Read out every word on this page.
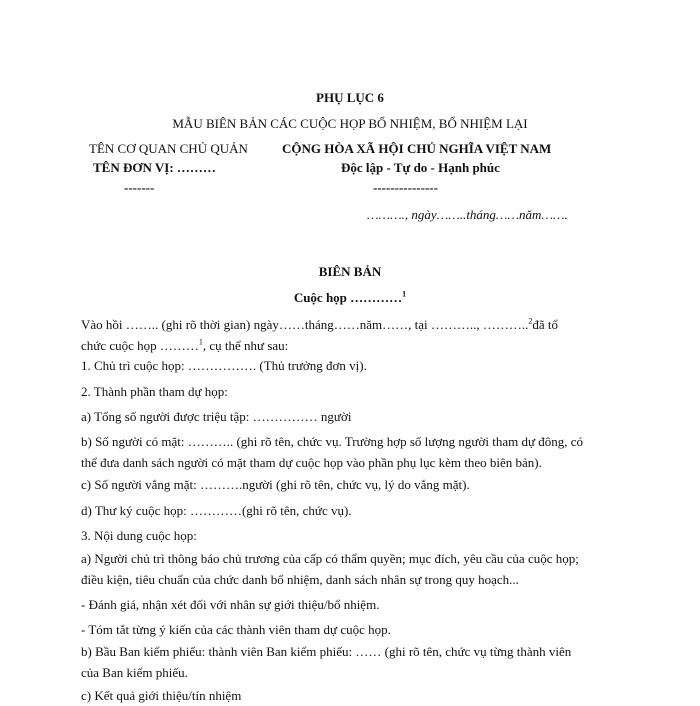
PHỤ LỤC 6
MẪU BIÊN BẢN CÁC CUỘC HỌP BỔ NHIỆM, BỔ NHIỆM LẠI
TÊN CƠ QUAN CHỦ QUẢN
TÊN ĐƠN VỊ: ………
-------
CỘNG HÒA XÃ HỘI CHỦ NGHĨA VIỆT NAM
Độc lập - Tự do - Hạnh phúc
---------------
………., ngày……..tháng……năm…….
BIÊN BẢN
Cuộc họp …………$^1$
Vào hồi …….. (ghi rõ thời gian) ngày……tháng……năm……, tại ……….., ………..$^2$đã tổ
chức cuộc họp ………$^1$, cụ thể như sau:
1. Chủ trì cuộc họp: ……………. (Thủ trưởng đơn vị).
2. Thành phần tham dự họp:
a) Tổng số người được triệu tập: …………… người
b) Số người có mặt: ……….. (ghi rõ tên, chức vụ. Trường hợp số lượng người tham dự đông, có
thể đưa danh sách người có mặt tham dự cuộc họp vào phần phụ lục kèm theo biên bản).
c) Số người vắng mặt: ……….người (ghi rõ tên, chức vụ, lý do vắng mặt).
d) Thư ký cuộc họp: …………(ghi rõ tên, chức vụ).
3. Nội dung cuộc họp:
a) Người chủ trì thông báo chủ trương của cấp có thẩm quyền; mục đích, yêu cầu của cuộc họp;
điều kiện, tiêu chuẩn của chức danh bổ nhiệm, danh sách nhân sự trong quy hoạch...
- Đánh giá, nhận xét đối với nhân sự giới thiệu/bổ nhiệm.
- Tóm tắt từng ý kiến của các thành viên tham dự cuộc họp.
b) Bầu Ban kiểm phiếu: thành viên Ban kiểm phiếu: …… (ghi rõ tên, chức vụ từng thành viên
của Ban kiểm phiếu.
c) Kết quả giới thiệu/tín nhiệm
